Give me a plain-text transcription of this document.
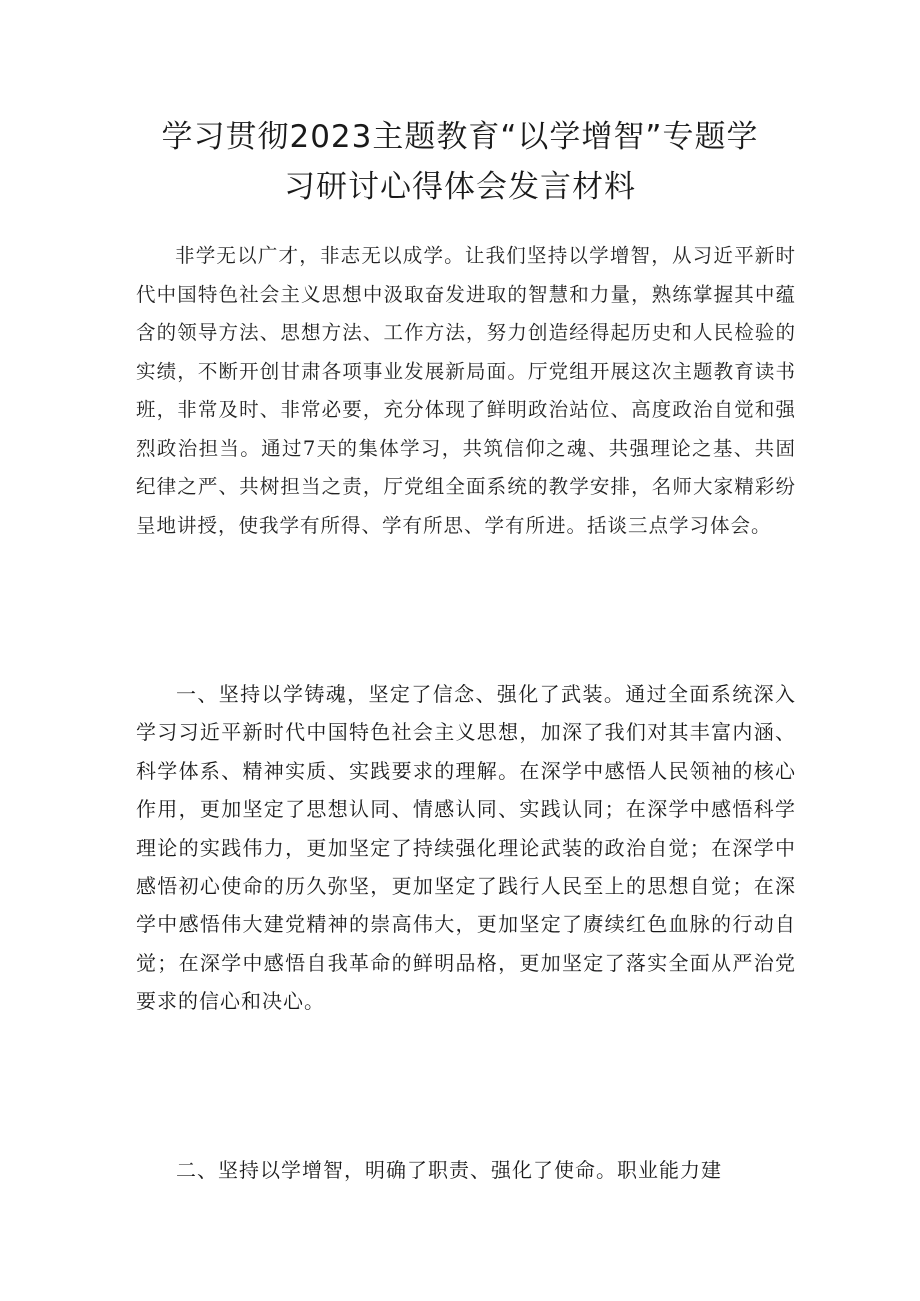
学习贯彻2023主题教育“以学增智”专题学
习研讨心得体会发言材料

非学无以广才，非志无以成学。让我们坚持以学增智，从习近平新时代中国特色社会主义思想中汲取奋发进取的智慧和力量，熟练掌握其中蕴含的领导方法、思想方法、工作方法，努力创造经得起历史和人民检验的实绩，不断开创甘肃各项事业发展新局面。厅党组开展这次主题教育读书班，非常及时、非常必要，充分体现了鲜明政治站位、高度政治自觉和强烈政治担当。通过7天的集体学习，共筑信仰之魂、共强理论之基、共固纪律之严、共树担当之责，厅党组全面系统的教学安排，名师大家精彩纷呈地讲授，使我学有所得、学有所思、学有所进。括谈三点学习体会。

一、坚持以学铸魂，坚定了信念、强化了武装。通过全面系统深入学习习近平新时代中国特色社会主义思想，加深了我们对其丰富内涵、科学体系、精神实质、实践要求的理解。在深学中感悟人民领袖的核心作用，更加坚定了思想认同、情感认同、实践认同；在深学中感悟科学理论的实践伟力，更加坚定了持续强化理论武装的政治自觉；在深学中感悟初心使命的历久弥坚，更加坚定了践行人民至上的思想自觉；在深学中感悟伟大建党精神的崇高伟大，更加坚定了赓续红色血脉的行动自觉；在深学中感悟自我革命的鲜明品格，更加坚定了落实全面从严治党要求的信心和决心。

二、坚持以学增智，明确了职责、强化了使命。职业能力建
